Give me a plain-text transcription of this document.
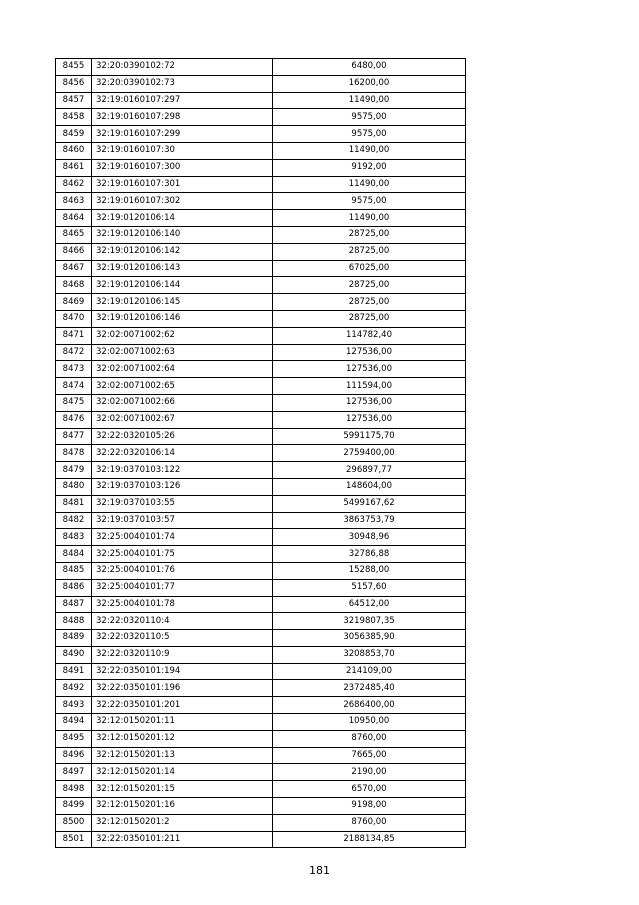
8455	32:20:0390102:72	6480,00
8456	32:20:0390102:73	16200,00
8457	32:19:0160107:297	11490,00
8458	32:19:0160107:298	9575,00
8459	32:19:0160107:299	9575,00
8460	32:19:0160107:30	11490,00
8461	32:19:0160107:300	9192,00
8462	32:19:0160107:301	11490,00
8463	32:19:0160107:302	9575,00
8464	32:19:0120106:14	11490,00
8465	32:19:0120106:140	28725,00
8466	32:19:0120106:142	28725,00
8467	32:19:0120106:143	67025,00
8468	32:19:0120106:144	28725,00
8469	32:19:0120106:145	28725,00
8470	32:19:0120106:146	28725,00
8471	32:02:0071002:62	114782,40
8472	32:02:0071002:63	127536,00
8473	32:02:0071002:64	127536,00
8474	32:02:0071002:65	111594,00
8475	32:02:0071002:66	127536,00
8476	32:02:0071002:67	127536,00
8477	32:22:0320105:26	5991175,70
8478	32:22:0320106:14	2759400,00
8479	32:19:0370103:122	296897,77
8480	32:19:0370103:126	148604,00
8481	32:19:0370103:55	5499167,62
8482	32:19:0370103:57	3863753,79
8483	32:25:0040101:74	30948,96
8484	32:25:0040101:75	32786,88
8485	32:25:0040101:76	15288,00
8486	32:25:0040101:77	5157,60
8487	32:25:0040101:78	64512,00
8488	32:22:0320110:4	3219807,35
8489	32:22:0320110:5	3056385,90
8490	32:22:0320110:9	3208853,70
8491	32:22:0350101:194	214109,00
8492	32:22:0350101:196	2372485,40
8493	32:22:0350101:201	2686400,00
8494	32:12:0150201:11	10950,00
8495	32:12:0150201:12	8760,00
8496	32:12:0150201:13	7665,00
8497	32:12:0150201:14	2190,00
8498	32:12:0150201:15	6570,00
8499	32:12:0150201:16	9198,00
8500	32:12:0150201:2	8760,00
8501	32:22:0350101:211	2188134,85
181
